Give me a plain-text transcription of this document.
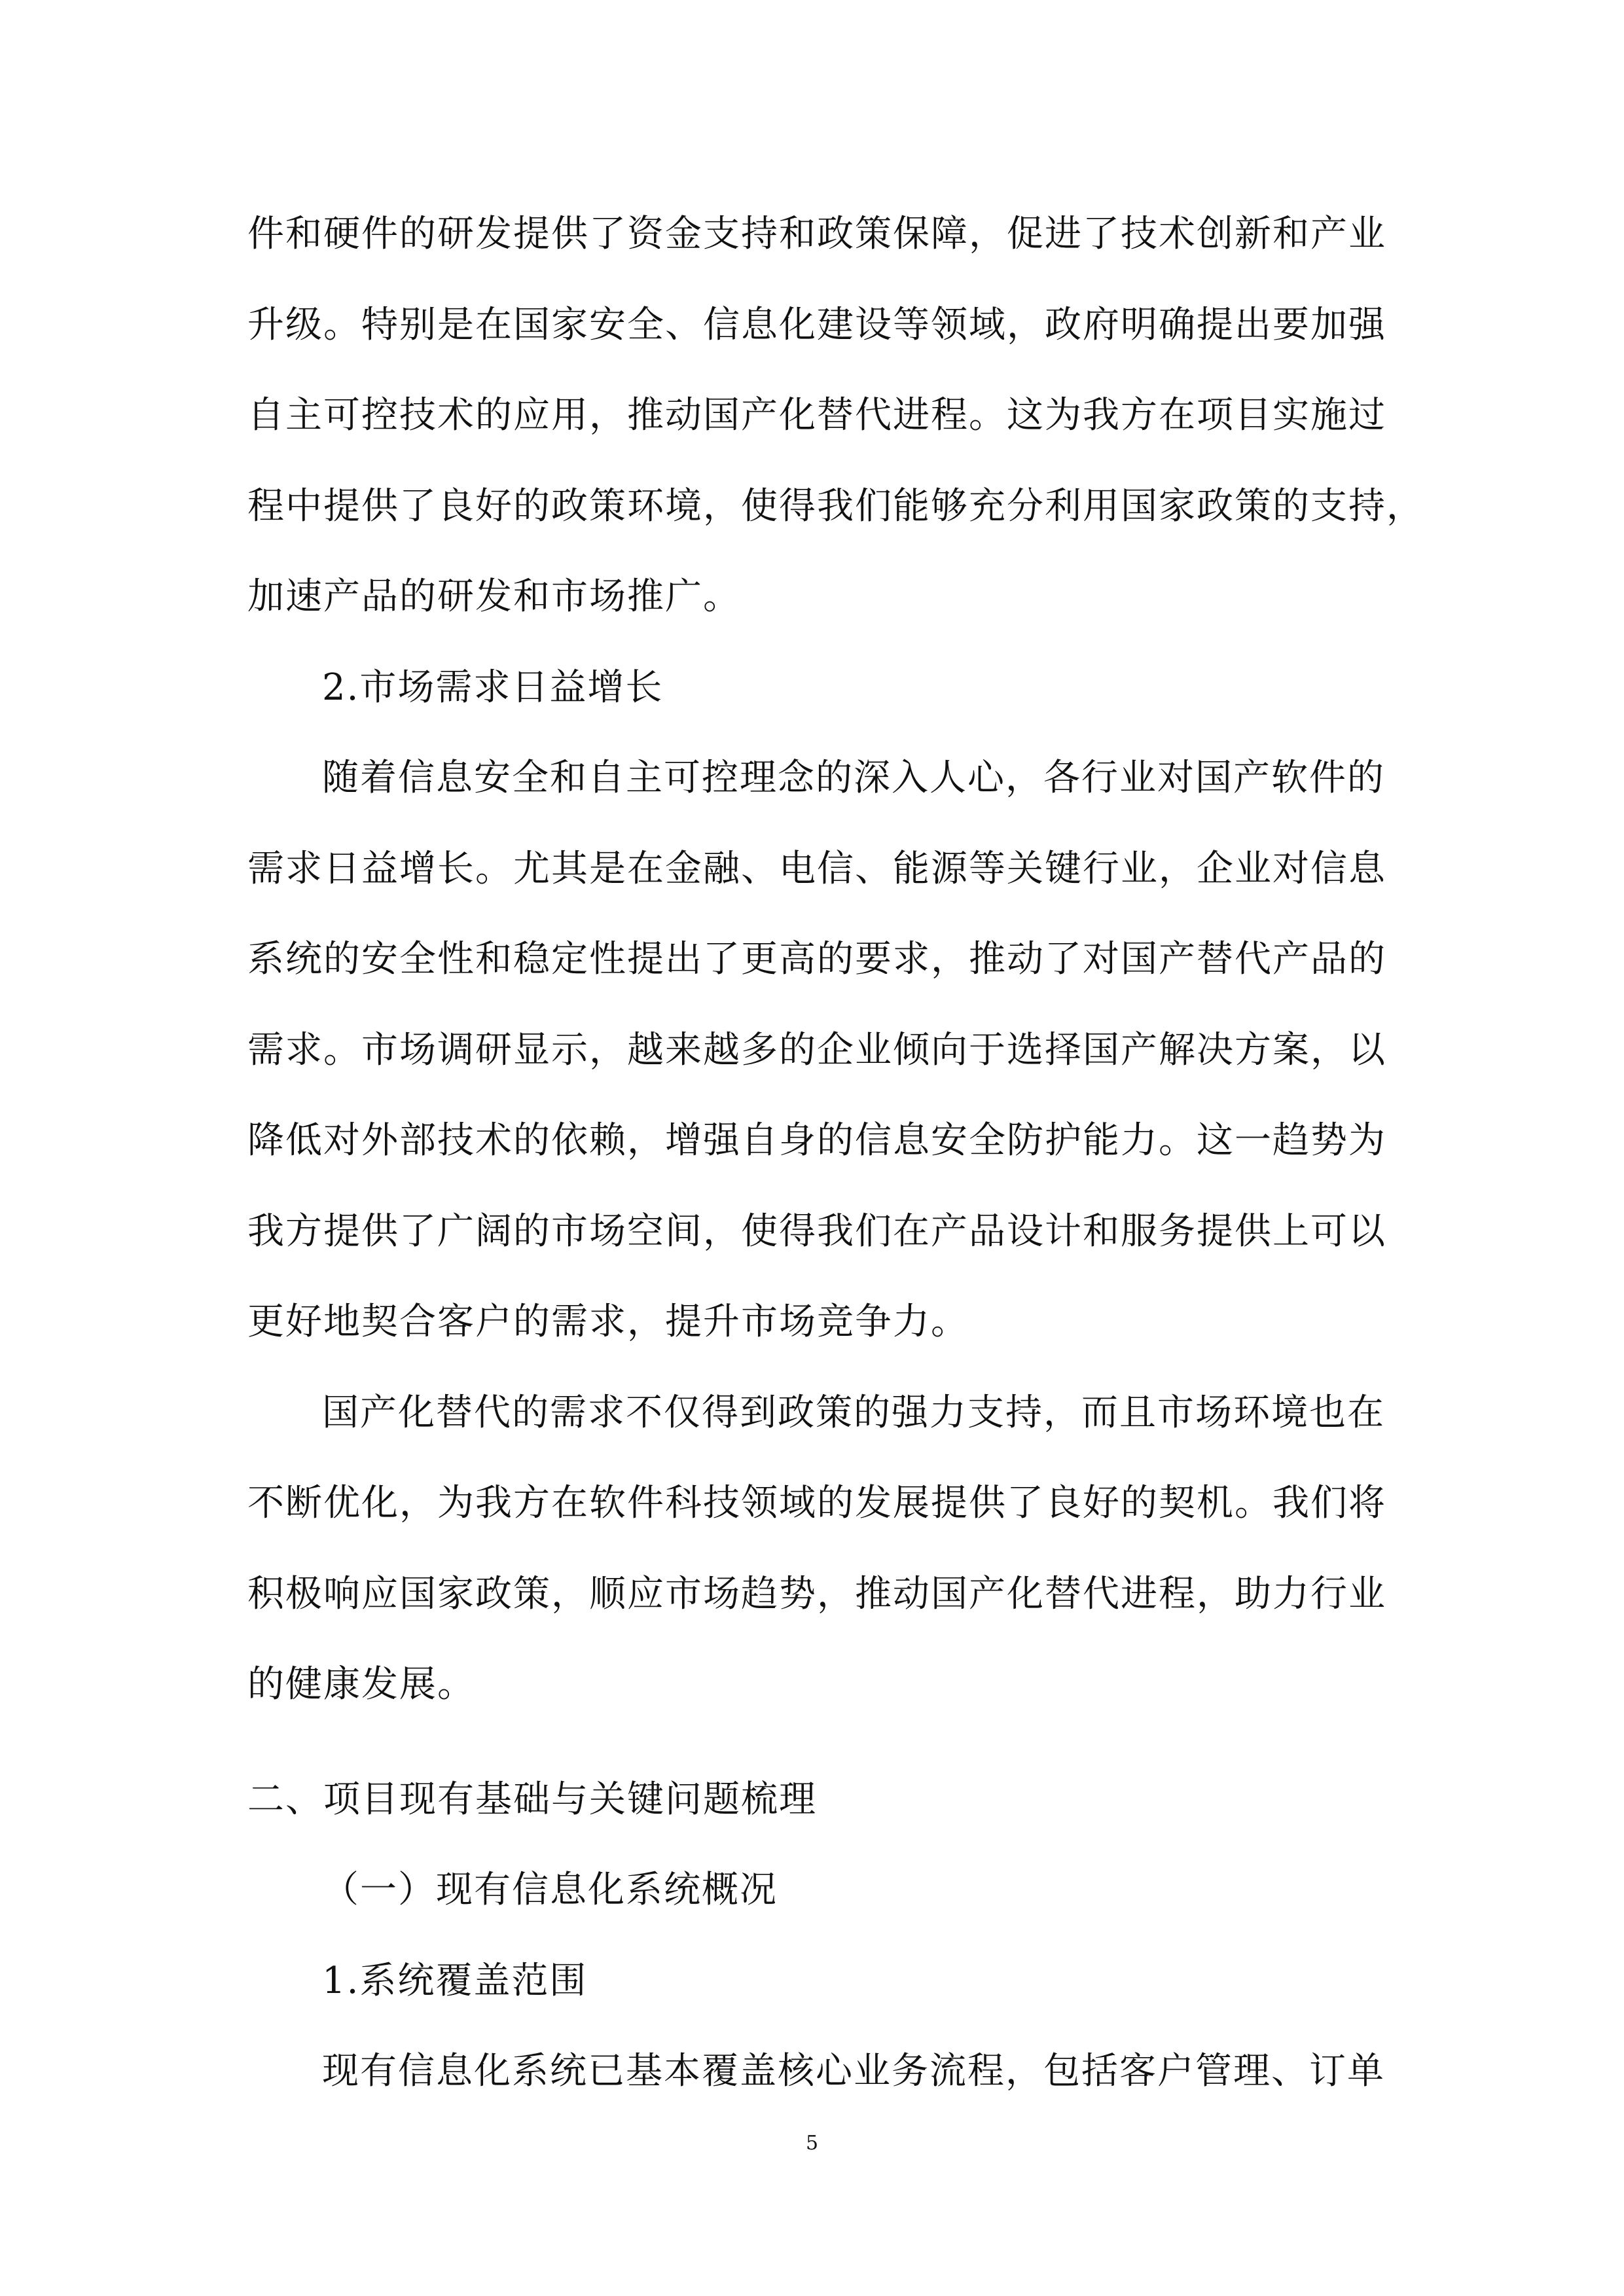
件和硬件的研发提供了资金支持和政策保障，促进了技术创新和产业
升级。特别是在国家安全、信息化建设等领域，政府明确提出要加强
自主可控技术的应用，推动国产化替代进程。这为我方在项目实施过
程中提供了良好的政策环境，使得我们能够充分利用国家政策的支持，
加速产品的研发和市场推广。
2.市场需求日益增长
随着信息安全和自主可控理念的深入人心，各行业对国产软件的
需求日益增长。尤其是在金融、电信、能源等关键行业，企业对信息
系统的安全性和稳定性提出了更高的要求，推动了对国产替代产品的
需求。市场调研显示，越来越多的企业倾向于选择国产解决方案，以
降低对外部技术的依赖，增强自身的信息安全防护能力。这一趋势为
我方提供了广阔的市场空间，使得我们在产品设计和服务提供上可以
更好地契合客户的需求，提升市场竞争力。
国产化替代的需求不仅得到政策的强力支持，而且市场环境也在
不断优化，为我方在软件科技领域的发展提供了良好的契机。我们将
积极响应国家政策，顺应市场趋势，推动国产化替代进程，助力行业
的健康发展。
二、项目现有基础与关键问题梳理
（一）现有信息化系统概况
1.系统覆盖范围
现有信息化系统已基本覆盖核心业务流程，包括客户管理、订单
5
